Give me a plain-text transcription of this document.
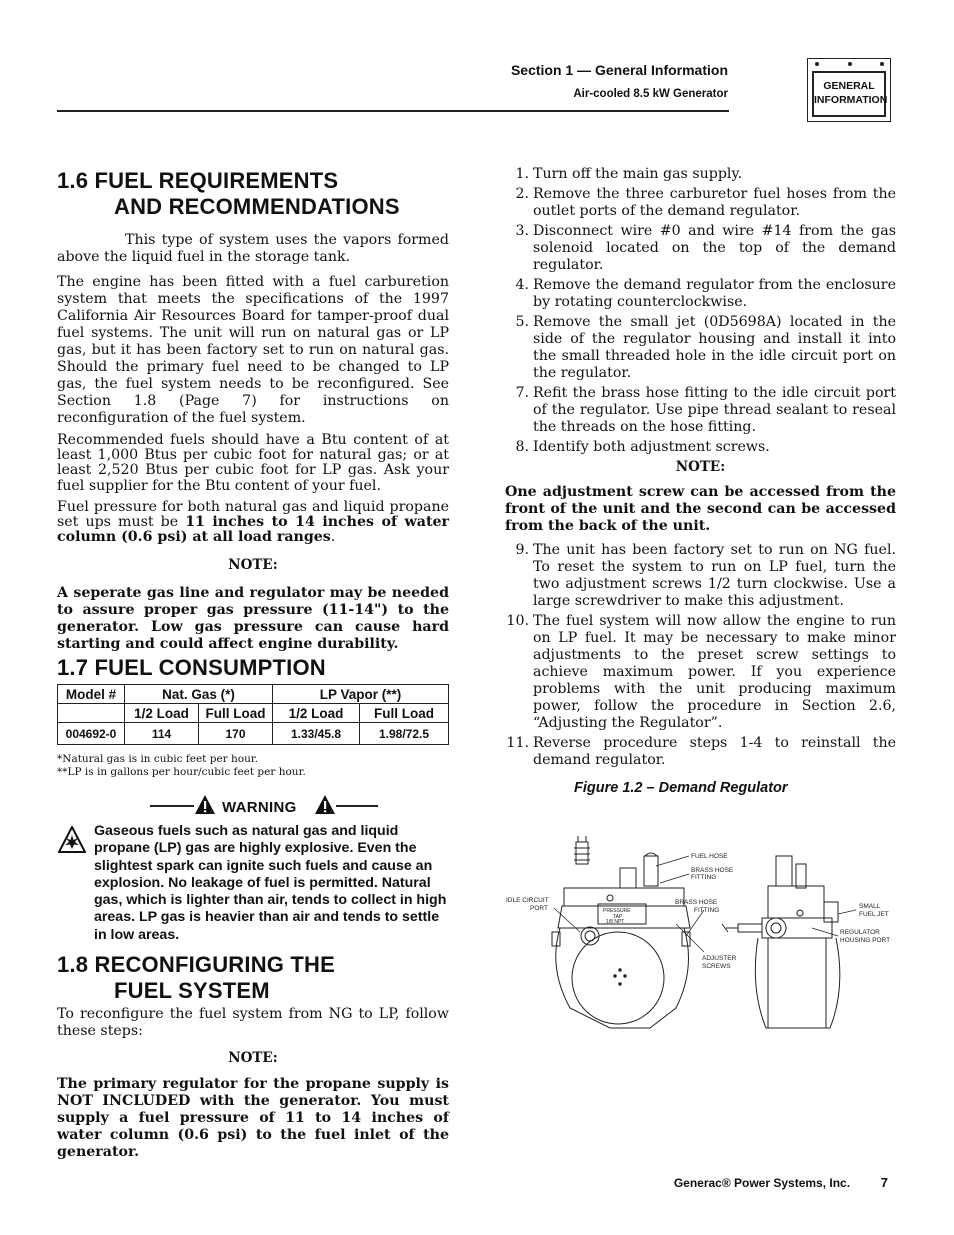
Section 1 — General Information
Air-cooled 8.5 kW Generator
GENERAL
INFORMATION
1.6 FUEL REQUIREMENTS
AND RECOMMENDATIONS

This type of system uses the vapors formed above the liquid fuel in the storage tank.

The engine has been fitted with a fuel carburetion system that meets the specifications of the 1997 California Air Resources Board for tamper-proof dual fuel systems. The unit will run on natural gas or LP gas, but it has been factory set to run on natural gas. Should the primary fuel need to be changed to LP gas, the fuel system needs to be reconfigured. See Section 1.8 (Page 7) for instructions on reconfiguration of the fuel system.

Recommended fuels should have a Btu content of at least 1,000 Btus per cubic foot for natural gas; or at least 2,520 Btus per cubic foot for LP gas. Ask your fuel supplier for the Btu content of your fuel.

Fuel pressure for both natural gas and liquid propane set ups must be 11 inches to 14 inches of water column (0.6 psi) at all load ranges.

NOTE:

A seperate gas line and regulator may be needed to assure proper gas pressure (11-14") to the generator. Low gas pressure can cause hard starting and could affect engine durability.

1.7 FUEL CONSUMPTION
Model #	Nat. Gas (*)		LP Vapor (**)	
	1/2 Load	Full Load	1/2 Load	Full Load
004692-0	114	170	1.33/45.8	1.98/72.5
*Natural gas is in cubic feet per hour.
**LP is in gallons per hour/cubic feet per hour.
WARNING
Gaseous fuels such as natural gas and liquid propane (LP) gas are highly explosive. Even the slightest spark can ignite such fuels and cause an explosion. No leakage of fuel is permitted. Natural gas, which is lighter than air, tends to collect in high areas. LP gas is heavier than air and tends to settle in low areas.
1.8 RECONFIGURING THE
FUEL SYSTEM

To reconfigure the fuel system from NG to LP, follow these steps:

NOTE:

The primary regulator for the propane supply is NOT INCLUDED with the generator. You must supply a fuel pressure of 11 to 14 inches of water column (0.6 psi) to the fuel inlet of the generator.

1. Turn off the main gas supply.
2. Remove the three carburetor fuel hoses from the outlet ports of the demand regulator.
3. Disconnect wire #0 and wire #14 from the gas solenoid located on the top of the demand regulator.
4. Remove the demand regulator from the enclosure by rotating counterclockwise.
5. Remove the small jet (0D5698A) located in the side of the regulator housing and install it into the small threaded hole in the idle circuit port on the regulator.
7. Refit the brass hose fitting to the idle circuit port of the regulator. Use pipe thread sealant to reseal the threads on the hose fitting.
8. Identify both adjustment screws.
NOTE:

One adjustment screw can be accessed from the front of the unit and the second can be accessed from the back of the unit.

9. The unit has been factory set to run on NG fuel. To reset the system to run on LP fuel, turn the two adjustment screws 1/2 turn clockwise. Use a large screwdriver to make this adjustment.
10. The fuel system will now allow the engine to run on LP fuel. It may be necessary to make minor adjustments to the preset screw settings to achieve maximum power. If you experience problems with the unit producing maximum power, follow the procedure in Section 2.6, “Adjusting the Regulator”.
11. Reverse procedure steps 1-4 to reinstall the demand regulator.
Figure 1.2 – Demand Regulator
FUEL HOSE
BRASS HOSE
FITTING
IDLE CIRCUIT
PORT
BRASS HOSE
FITTING
ADJUSTER
SCREWS
SMALL
FUEL JET
REGULATOR
HOUSING PORT
PRESSURE
TAP
1/8 NPT
Generac® Power Systems, Inc. 7
